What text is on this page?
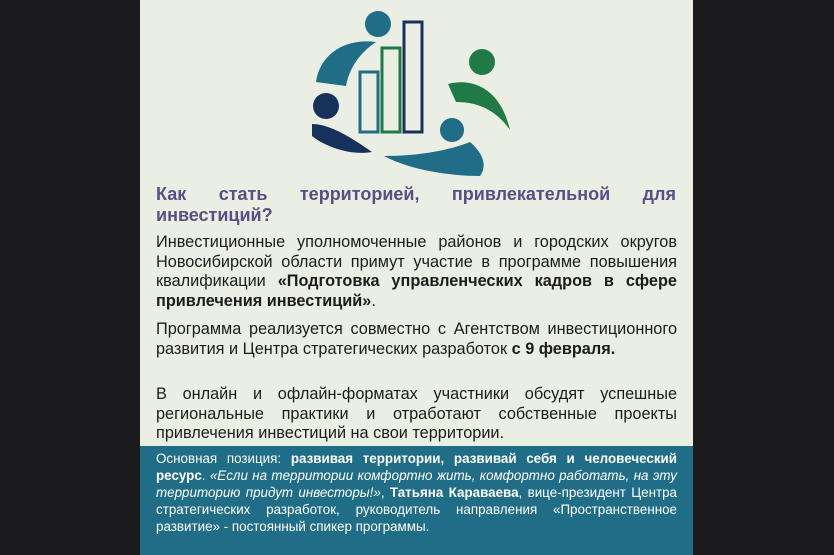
Как стать территорией, привлекательной для инвестиций?

Инвестиционные уполномоченные районов и городских округов Новосибирской области примут участие в программе повышения квалификации «Подготовка управленческих кадров в сфере привлечения инвестиций».

Программа реализуется совместно с Агентством инвестиционного развития и Центра стратегических разработок с 9 февраля.

В онлайн и офлайн-форматах участники обсудят успешные региональные практики и отработают собственные проекты привлечения инвестиций на свои территории.

Основная позиция: развивая территории, развивай себя и человеческий ресурс. «Если на территории комфортно жить, комфортно работать, на эту территорию придут инвесторы!», Татьяна Караваева, вице-президент Центра стратегических разработок, руководитель направления «Пространственное развитие» - постоянный спикер программы.
